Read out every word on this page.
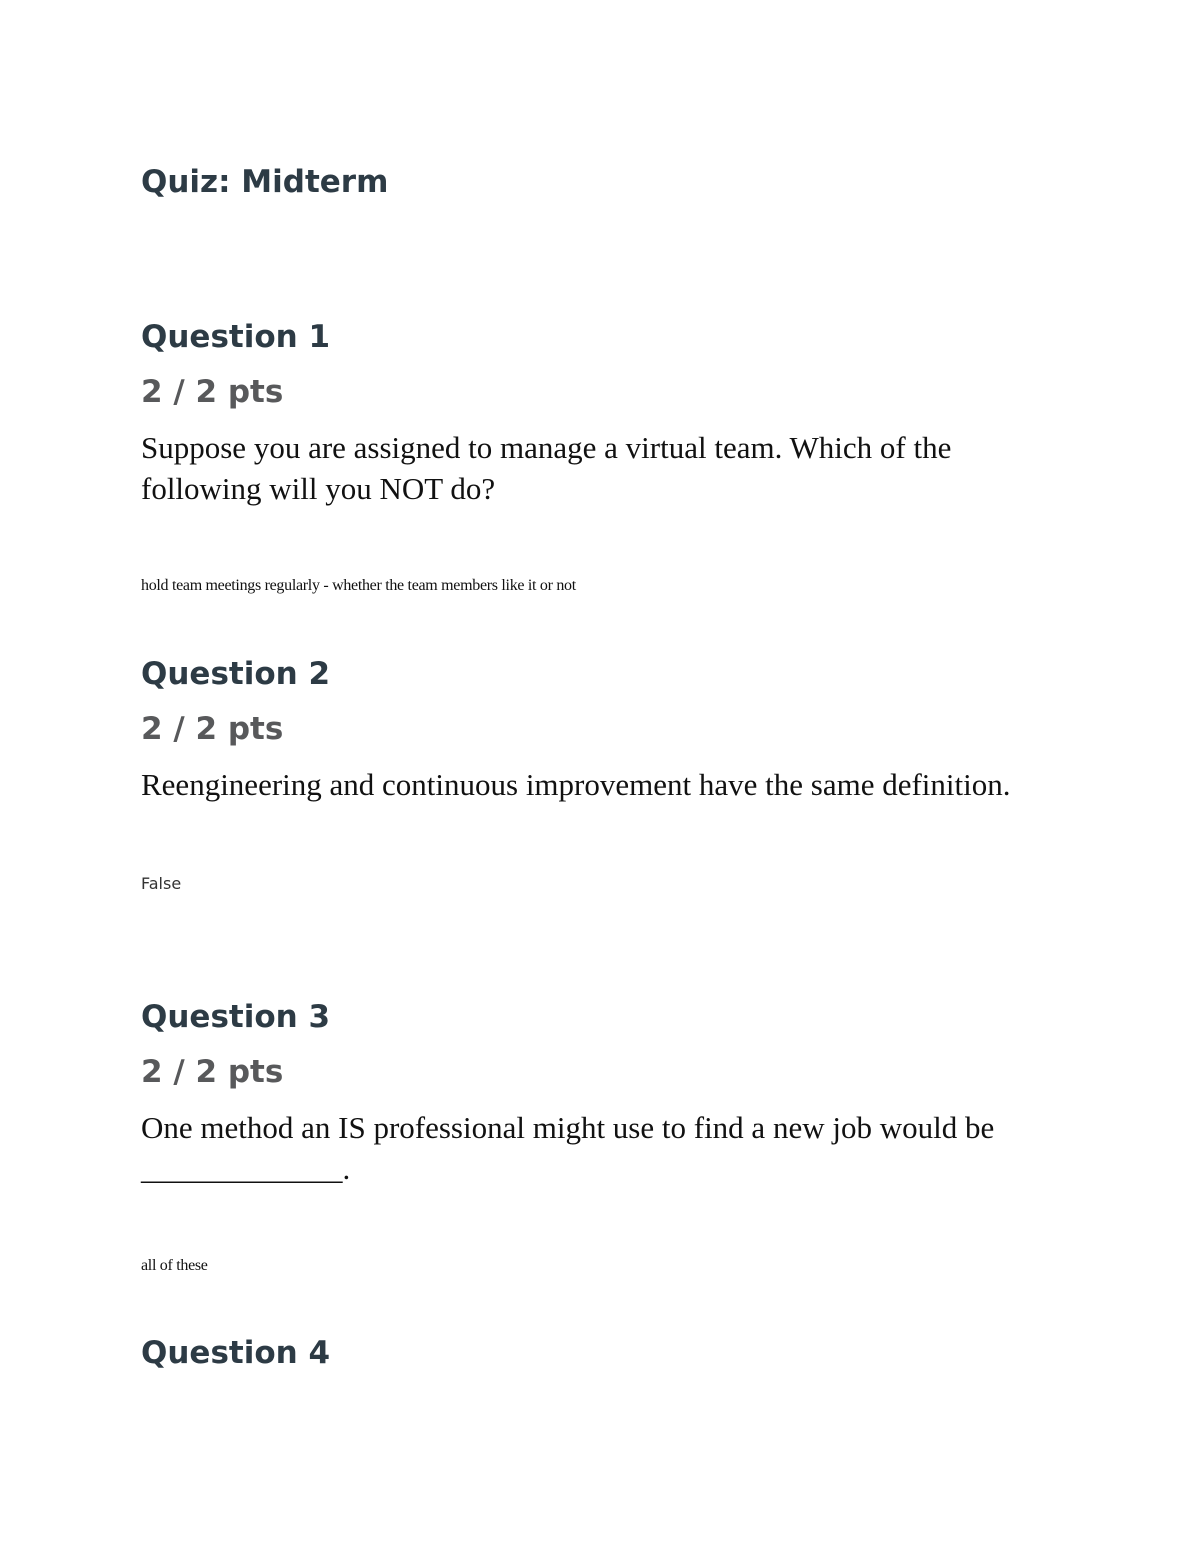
Quiz: Midterm
Question 1
2 / 2 pts

Suppose you are assigned to manage a virtual team. Which of the following will you NOT do?

hold team meetings regularly - whether the team members like it or not
Question 2
2 / 2 pts

Reengineering and continuous improvement have the same definition.

False
Question 3
2 / 2 pts

One method an IS professional might use to find a new job would be _____________.

all of these
Question 4
